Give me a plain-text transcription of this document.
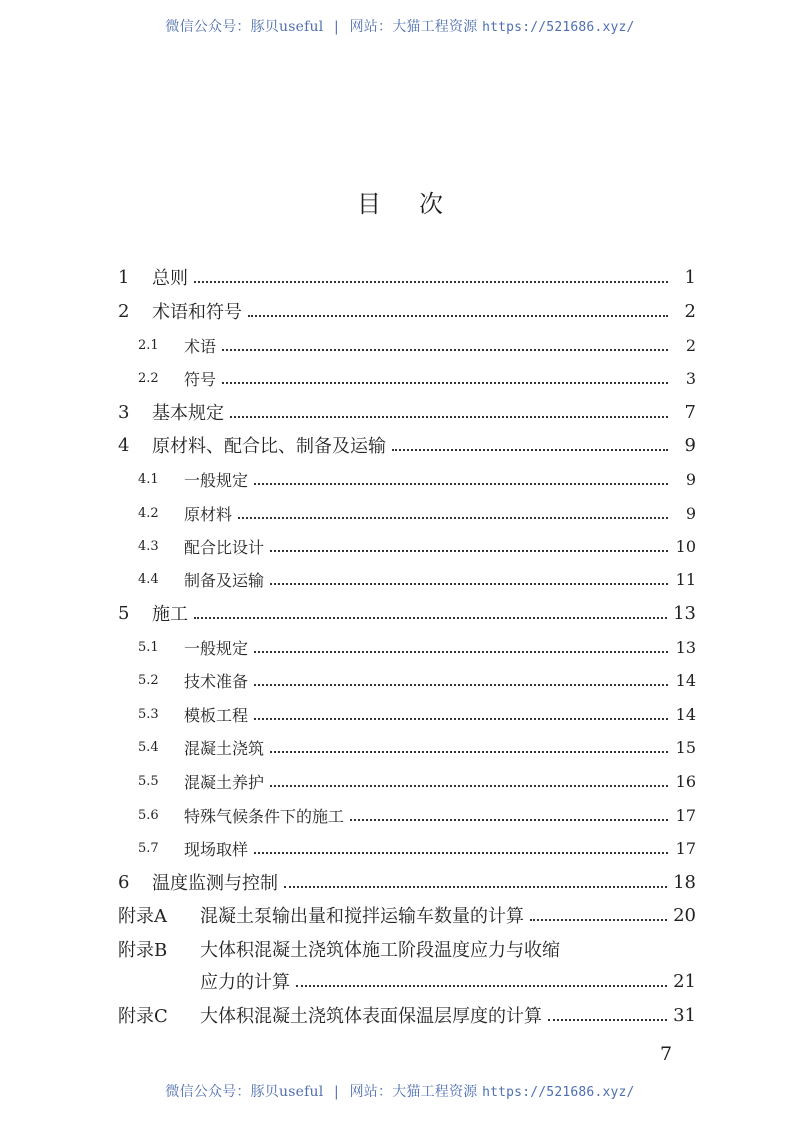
微信公众号：豚贝useful | 网站：大猫工程资源 https://521686.xyz/
目次
1	总则	1
2	术语和符号	2
2.1	术语	2
2.2	符号	3
3	基本规定	7
4	原材料、配合比、制备及运输	9
4.1	一般规定	9
4.2	原材料	9
4.3	配合比设计	10
4.4	制备及运输	11
5	施工	13
5.1	一般规定	13
5.2	技术准备	14
5.3	模板工程	14
5.4	混凝土浇筑	15
5.5	混凝土养护	16
5.6	特殊气候条件下的施工	17
5.7	现场取样	17
6	温度监测与控制	18
附录A	混凝土泵输出量和搅拌运输车数量的计算	20
附录B	大体积混凝土浇筑体施工阶段温度应力与收缩
应力的计算	21
附录C	大体积混凝土浇筑体表面保温层厚度的计算	31
7
微信公众号：豚贝useful | 网站：大猫工程资源 https://521686.xyz/
